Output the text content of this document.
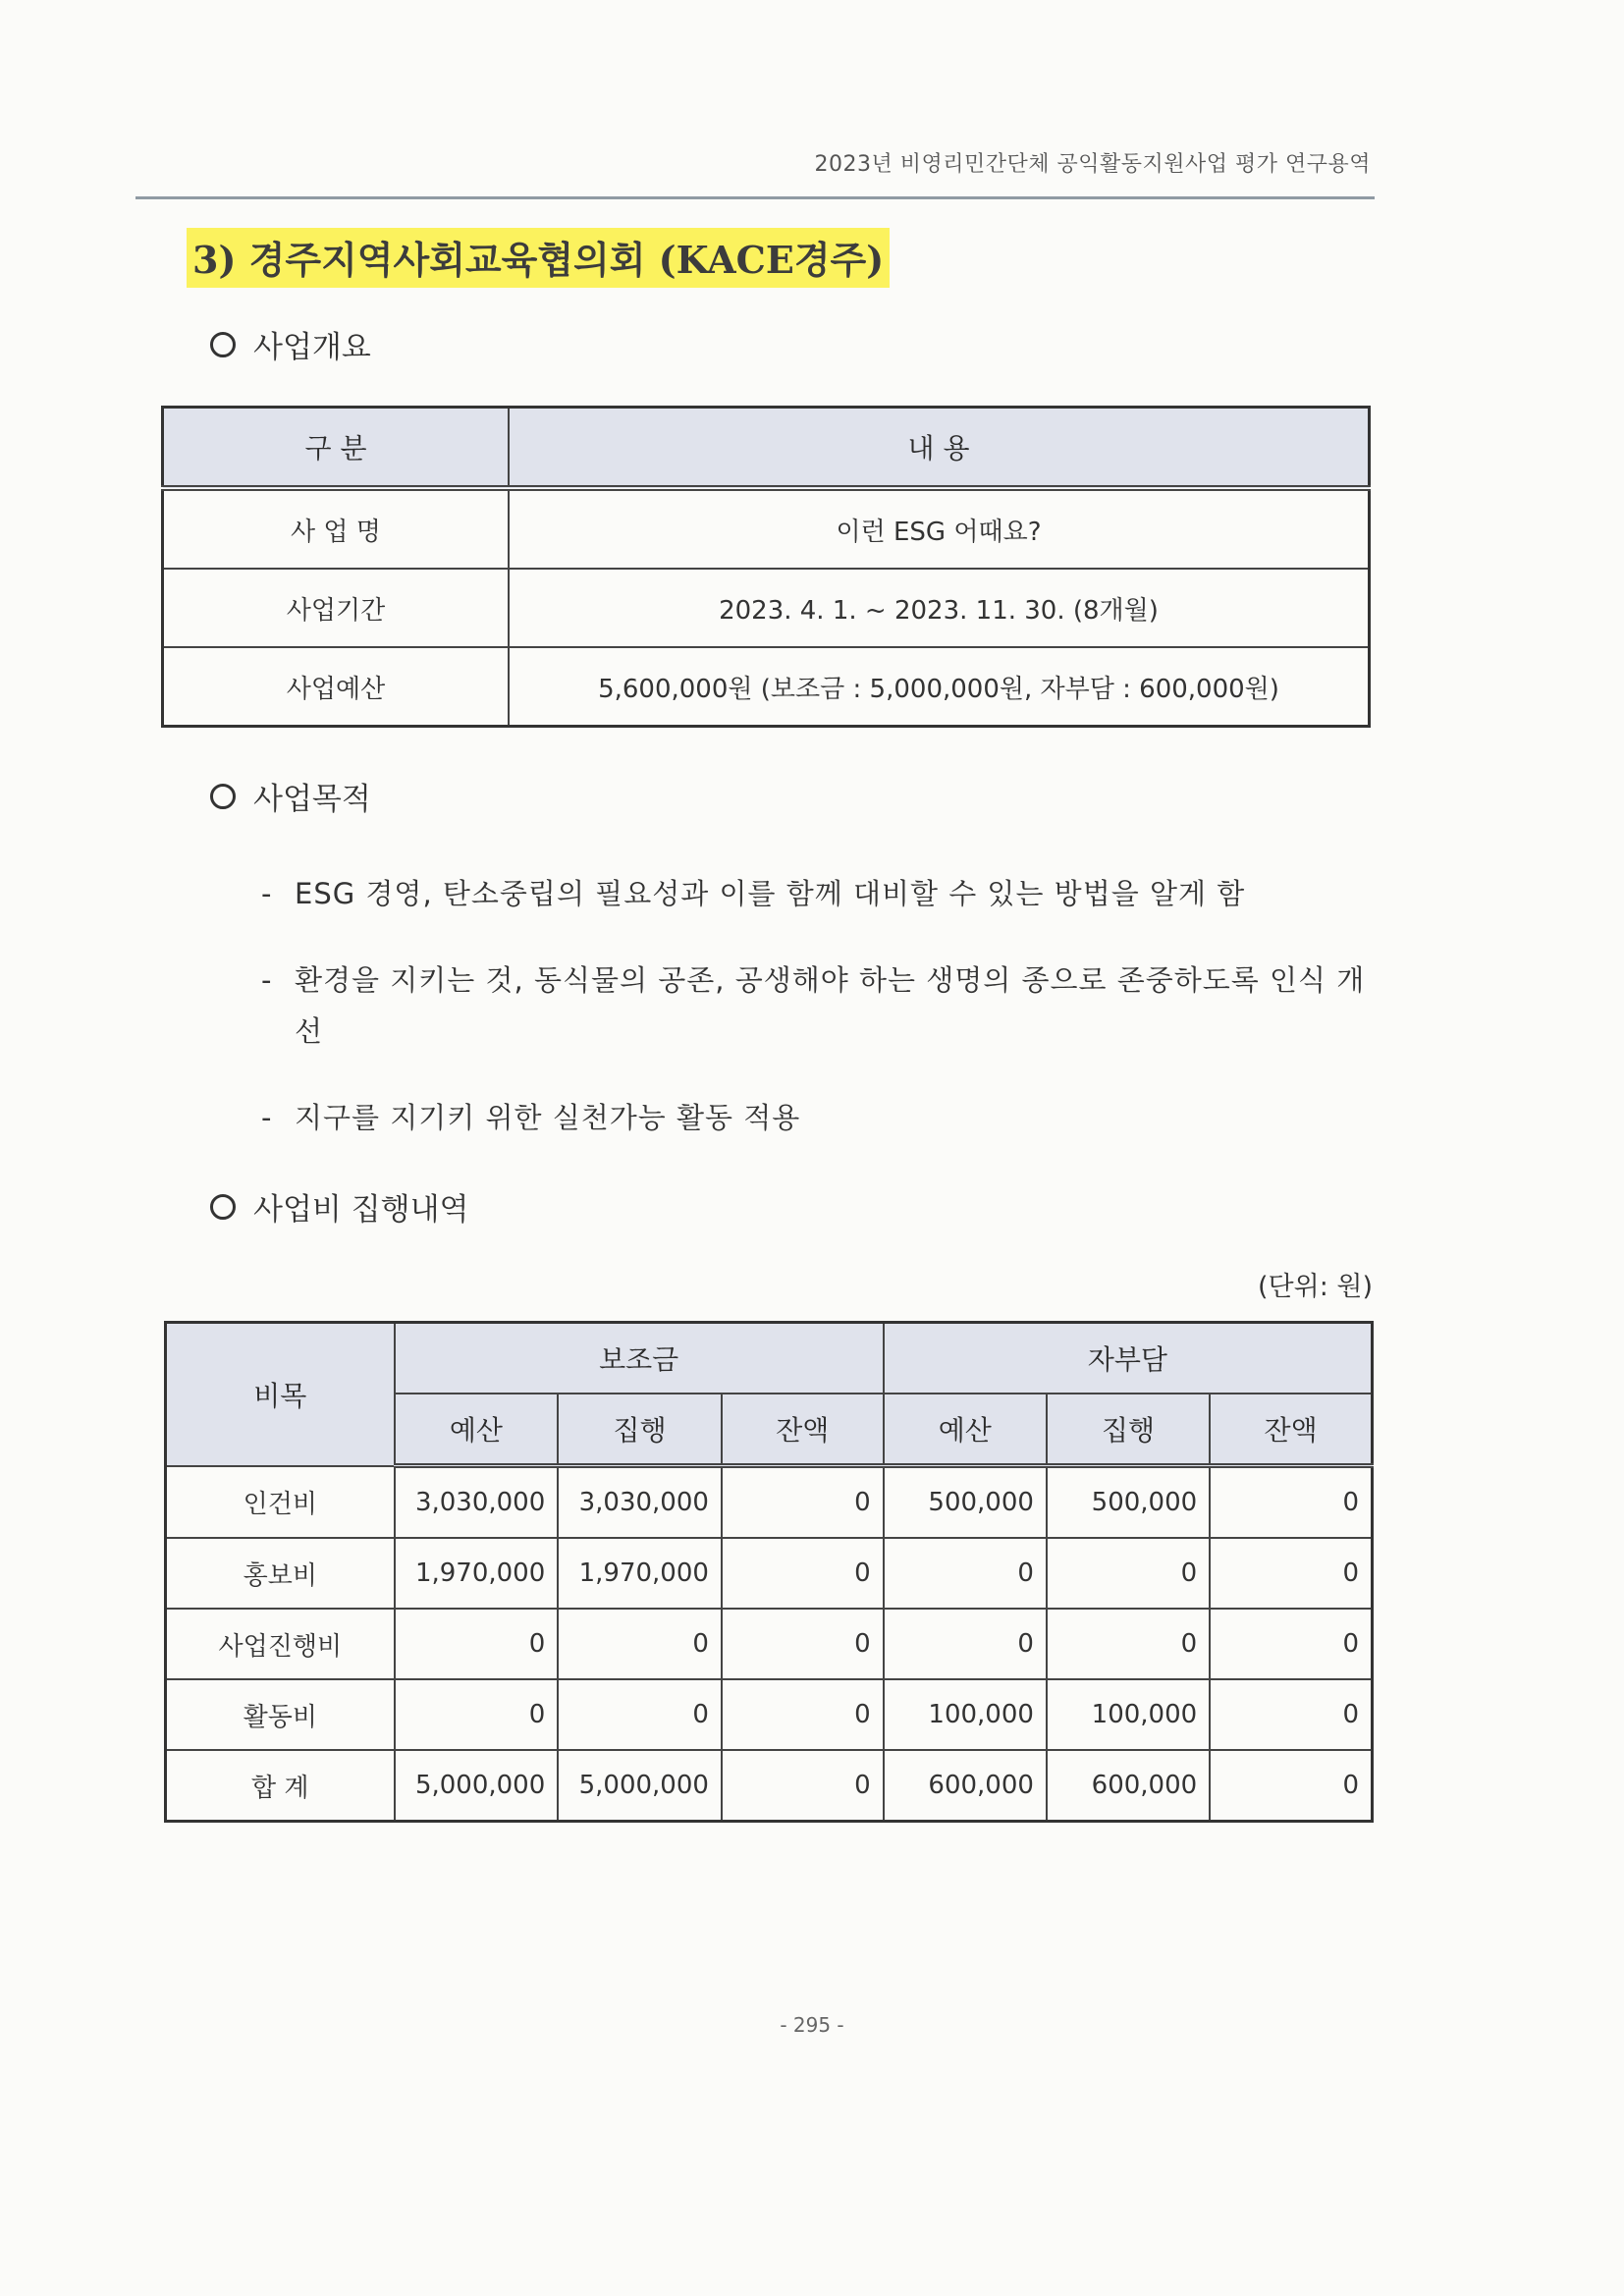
2023년 비영리민간단체 공익활동지원사업 평가 연구용역
3) 경주지역사회교육협의회 (KACE경주)
사업개요
구 분	내 용
사 업 명	이런 ESG 어때요?
사업기간	2023. 4. 1. ~ 2023. 11. 30. (8개월)
사업예산	5,600,000원 (보조금 : 5,000,000원, 자부담 : 600,000원)
사업목적
- ESG 경영, 탄소중립의 필요성과 이를 함께 대비할 수 있는 방법을 알게 함
- 환경을 지키는 것, 동식물의 공존, 공생해야 하는 생명의 종으로 존중하도록 인식 개선
- 지구를 지기키 위한 실천가능 활동 적용
사업비 집행내역
(단위: 원)
비목	보조금			자부담		
	예산	집행	잔액	예산	집행	잔액
인건비	3,030,000	3,030,000	0	500,000	500,000	0
홍보비	1,970,000	1,970,000	0	0	0	0
사업진행비	0	0	0	0	0	0
활동비	0	0	0	100,000	100,000	0
합 계	5,000,000	5,000,000	0	600,000	600,000	0
- 295 -
